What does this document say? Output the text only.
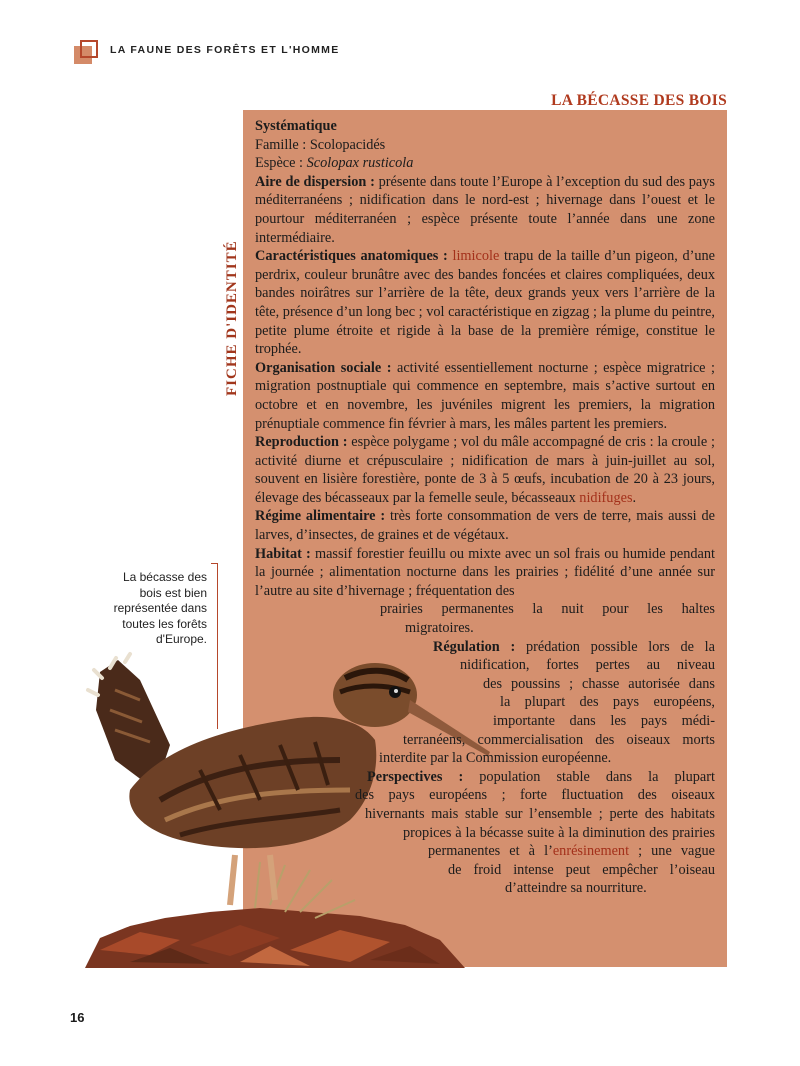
LA FAUNE DES FORÊTS ET L'HOMME
LA BÉCASSE DES BOIS
FICHE D'IDENTITÉ
La bécasse des bois est bien représentée dans toutes les forêts d'Europe.

Systématique

Famille : Scolopacidés

Espèce : Scolopax rusticola

Aire de dispersion : présente dans toute l’Europe à l’exception du sud des pays méditerranéens ; nidification dans le nord-est ; hivernage dans l’ouest et le pourtour méditerranéen ; espèce présente toute l’année dans une zone intermédiaire.

Caractéristiques anatomiques : limicole trapu de la taille d’un pigeon, d’une perdrix, couleur brunâtre avec des bandes foncées et claires compliquées, deux bandes noirâtres sur l’arrière de la tête, deux grands yeux vers l’arrière de la tête, présence d’un long bec ; vol caractéristique en zigzag ; la plume du peintre, petite plume étroite et rigide à la base de la première rémige, constitue le trophée.

Organisation sociale : activité essentiellement nocturne ; espèce migratrice ; migration postnuptiale qui commence en septembre, mais s’active surtout en octobre et en novembre, les juvéniles migrent les premiers, la migration prénuptiale commence fin février à mars, les mâles partent les premiers.

Reproduction : espèce polygame ; vol du mâle accompagné de cris : la croule ; activité diurne et crépusculaire ; nidification de mars à juin-juillet au sol, souvent en lisière forestière, ponte de 3 à 5 œufs, incubation de 20 à 23 jours, élevage des bécasseaux par la femelle seule, bécasseaux nidifuges.

Régime alimentaire : très forte consommation de vers de terre, mais aussi de larves, d’insectes, de graines et de végétaux.

Habitat : massif forestier feuillu ou mixte avec un sol frais ou humide pendant la journée ; alimentation nocturne dans les prairies ; fidélité d’une année sur l’autre au site d’hivernage ; fréquentation des

prairies permanentes la nuit pour les haltes
migratoires.
Régulation : prédation possible lors de la
nidification, fortes pertes au niveau
des poussins ; chasse autorisée dans
la plupart des pays européens,
importante dans les pays médi-
terranéens, commercialisation des oiseaux morts
interdite par la Commission européenne.
Perspectives : population stable dans la plupart
des pays européens ; forte fluctuation des oiseaux
hivernants mais stable sur l’ensemble ; perte des habitats
propices à la bécasse suite à la diminution des prairies
permanentes et à l’enrésinement ; une vague
de froid intense peut empêcher l’oiseau
d’atteindre sa nourriture.
16
